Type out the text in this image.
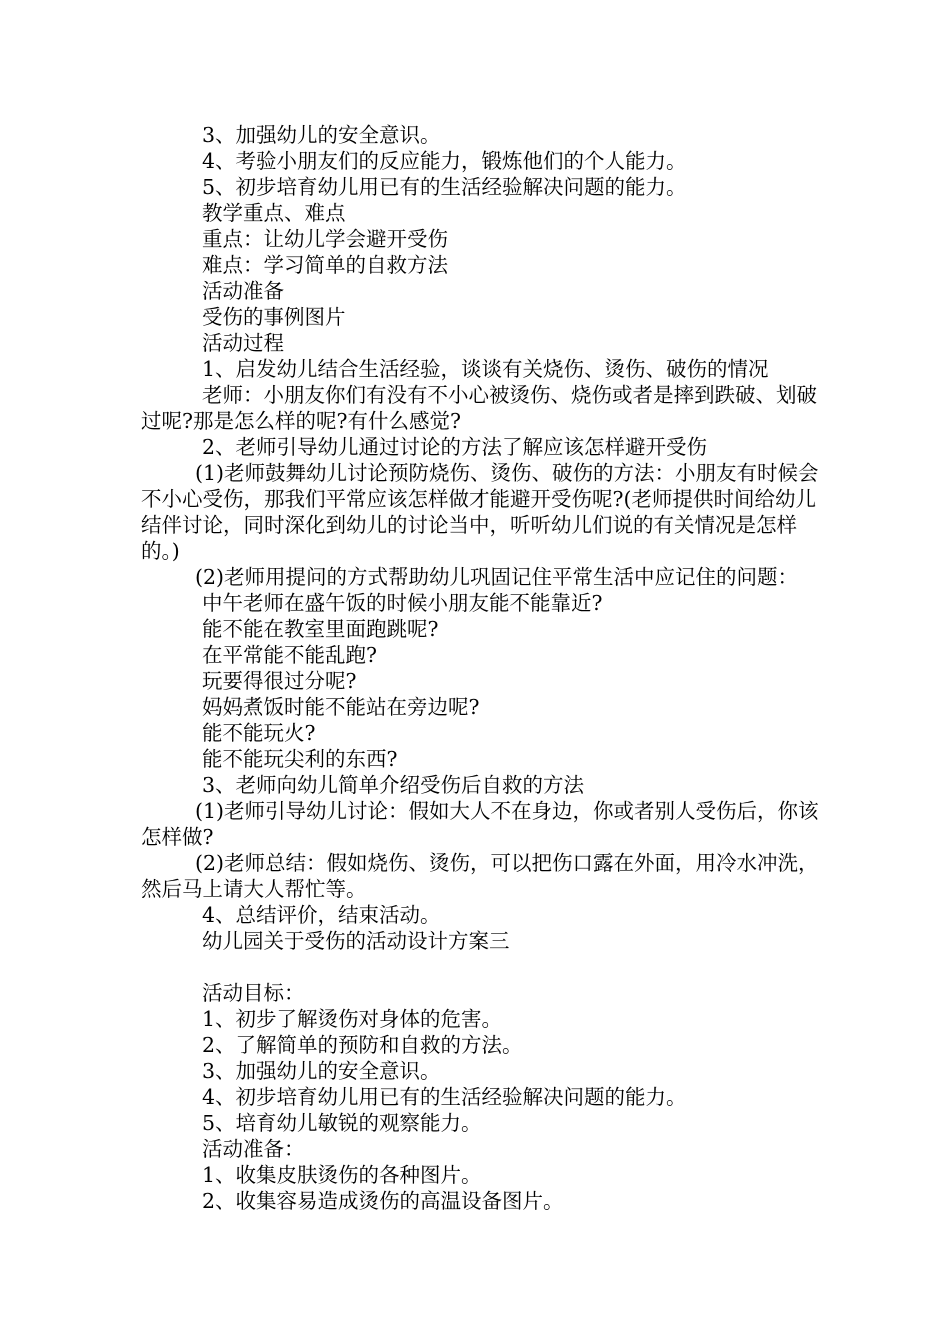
3、加强幼儿的安全意识。

4、考验小朋友们的反应能力，锻炼他们的个人能力。

5、初步培育幼儿用已有的生活经验解决问题的能力。

教学重点、难点

重点：让幼儿学会避开受伤

难点：学习简单的自救方法

活动准备

受伤的事例图片

活动过程

1、启发幼儿结合生活经验，谈谈有关烧伤、烫伤、破伤的情况

老师：小朋友你们有没有不小心被烫伤、烧伤或者是摔到跌破、划破过呢?那是怎么样的呢?有什么感觉?

2、老师引导幼儿通过讨论的方法了解应该怎样避开受伤

(1)老师鼓舞幼儿讨论预防烧伤、烫伤、破伤的方法：小朋友有时候会不小心受伤，那我们平常应该怎样做才能避开受伤呢?(老师提供时间给幼儿结伴讨论，同时深化到幼儿的讨论当中，听听幼儿们说的有关情况是怎样的。)

(2)老师用提问的方式帮助幼儿巩固记住平常生活中应记住的问题：

中午老师在盛午饭的时候小朋友能不能靠近?

能不能在教室里面跑跳呢?

在平常能不能乱跑?

玩要得很过分呢?

妈妈煮饭时能不能站在旁边呢?

能不能玩火?

能不能玩尖利的东西?

3、老师向幼儿简单介绍受伤后自救的方法

(1)老师引导幼儿讨论：假如大人不在身边，你或者别人受伤后，你该怎样做?

(2)老师总结：假如烧伤、烫伤，可以把伤口露在外面，用冷水冲洗，然后马上请大人帮忙等。

4、总结评价，结束活动。

幼儿园关于受伤的活动设计方案三

活动目标：

1、初步了解烫伤对身体的危害。

2、了解简单的预防和自救的方法。

3、加强幼儿的安全意识。

4、初步培育幼儿用已有的生活经验解决问题的能力。

5、培育幼儿敏锐的观察能力。

活动准备：

1、收集皮肤烫伤的各种图片。

2、收集容易造成烫伤的高温设备图片。
